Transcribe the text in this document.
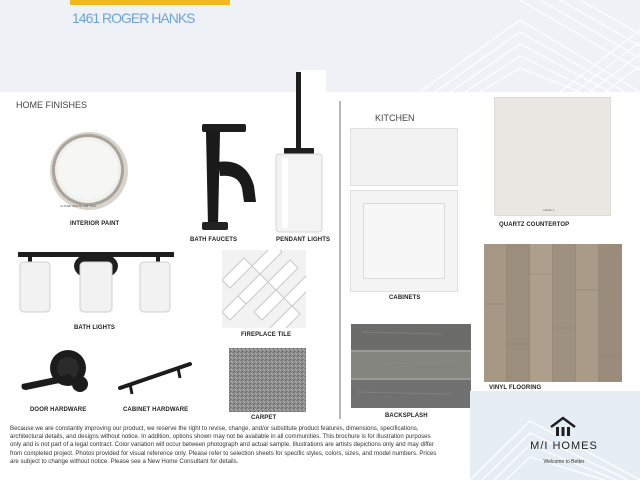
1461 ROGER HANKS
HOME FINISHES
KITCHEN
ALPINE WHITE SW 7514
INTERIOR PAINT
BATH FAUCETS	PENDANT LIGHTS
BATH LIGHTS
FIREPLACE TILE
DOOR HARDWARE	CABINET HARDWARE
CARPET
CABINETS
BACKSPLASH
LEVEL 1
QUARTZ COUNTERTOP
VINYL FLOORING
Because we are constantly improving our product, we reserve the right to revise, change, and/or substitute product features, dimensions, specifications, architectural details, and designs without notice. In addition, options shown may not be available in all communities. This brochure is for illustration purposes only and is not part of a legal contract. Color variation will occur between photograph and actual sample. Illustrations are artists depictions only and may differ from completed project. Photos provided for visual reference only. Please refer to selection sheets for specific styles, colors, sizes, and model numbers. Prices are subject to change without notice. Please see a New Home Consultant for details.
M/I HOMES
Welcome to Better
